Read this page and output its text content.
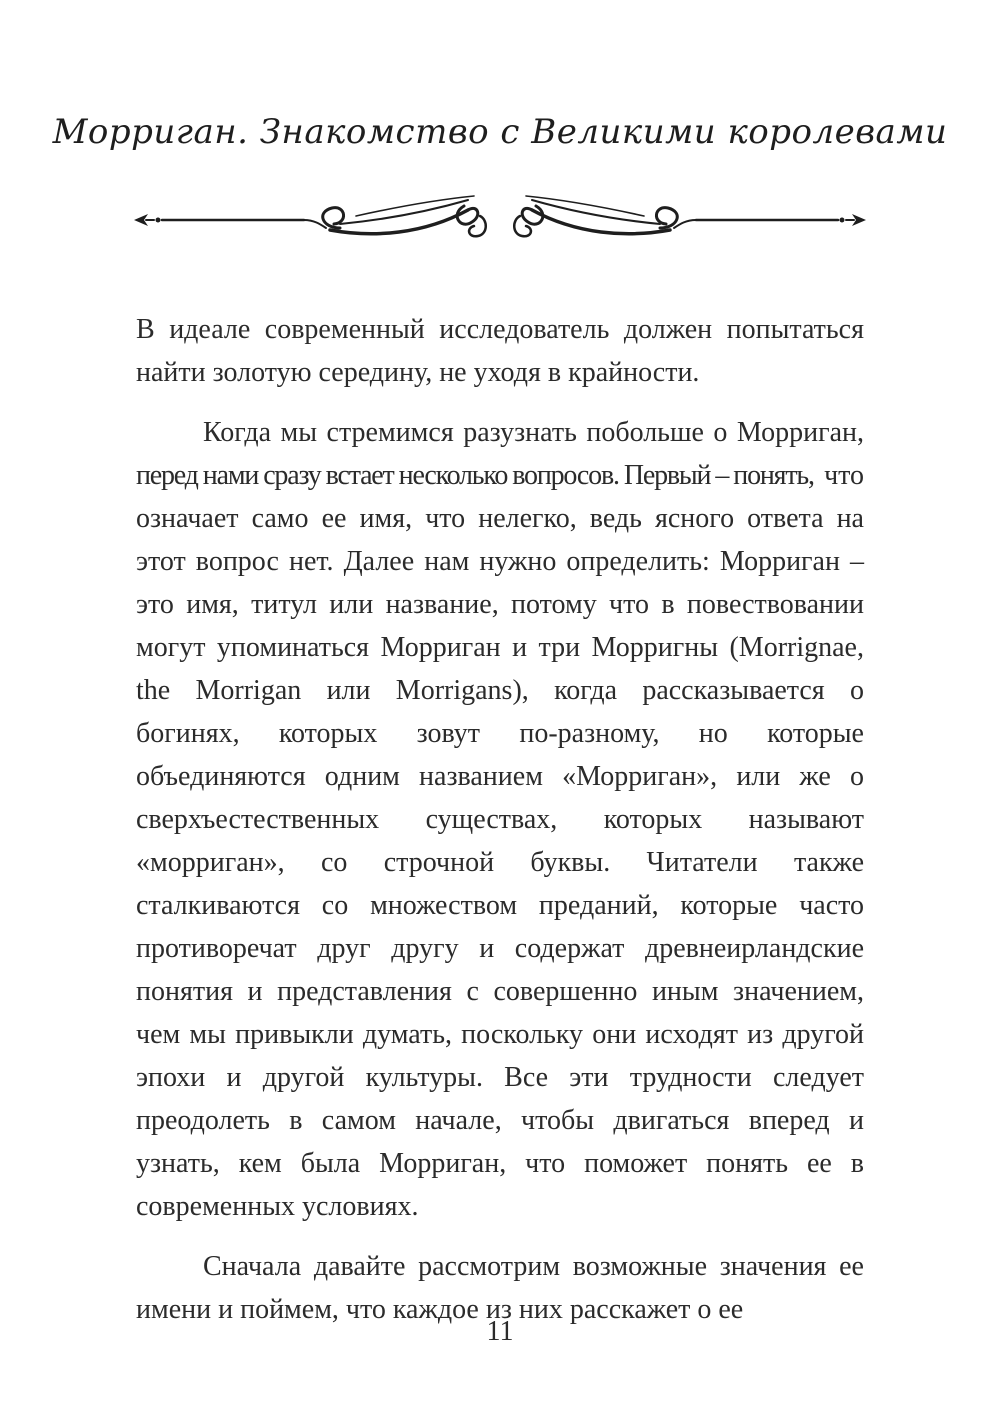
Морриган. Знакомство с Великими королевами

В идеале современный исследователь должен попытаться найти золотую середину, не уходя в крайности.

Когда мы стремимся разузнать побольше о Морриган, перед нами сразу встает несколько вопросов. Первый – понять, что означает само ее имя, что нелегко, ведь ясного ответа на этот вопрос нет. Далее нам нужно определить: Морриган – это имя, титул или название, потому что в повествовании могут упоминаться Морриган и три Морригны (Morrignae, the Morrigan или Morrigans), когда рассказывается о богинях, которых зовут по-разному, но которые объединяются одним названием «Морриган», или же о сверхъестественных существах, которых называют «морриган», со строчной буквы. Читатели также сталкиваются со множеством преданий, которые часто противоречат друг другу и содержат древнеирландские понятия и представления с совершенно иным значением, чем мы привыкли думать, поскольку они исходят из другой эпохи и другой культуры. Все эти трудности следует преодолеть в самом начале, чтобы двигаться вперед и узнать, кем была Морриган, что поможет понять ее в современных условиях.

Сначала давайте рассмотрим возможные значения ее имени и поймем, что каждое из них расскажет о ее

11
